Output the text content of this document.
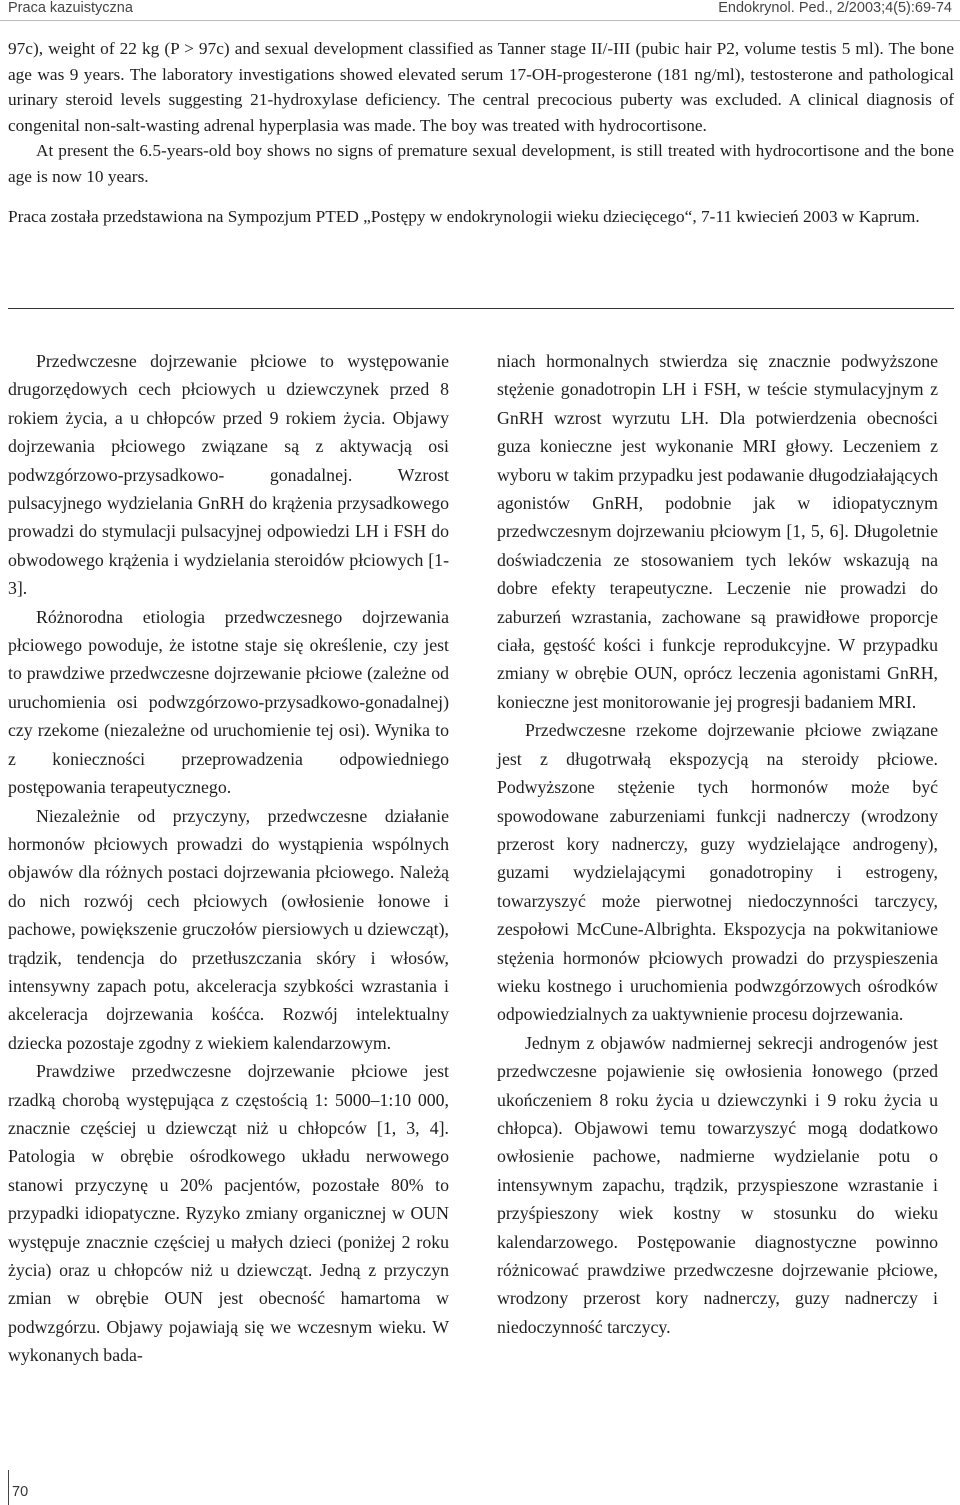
Praca kazuistyczna	Endokrynol. Ped., 2/2003;4(5):69-74

97c), weight of 22 kg (P > 97c) and sexual development classified as Tanner stage II/-III (pubic hair P2, volume testis 5 ml). The bone age was 9 years. The laboratory investigations showed elevated serum 17-OH-progesterone (181 ng/ml), testosterone and pathological urinary steroid levels suggesting 21-hydroxylase deficiency. The central precocious puberty was excluded. A clinical diagnosis of congenital non-salt-wasting adrenal hyperplasia was made. The boy was treated with hydrocortisone.

At present the 6.5-years-old boy shows no signs of premature sexual development, is still treated with hydrocortisone and the bone age is now 10 years.

Praca została przedstawiona na Sympozjum PTED „Postępy w endokrynologii wieku dziecięcego“, 7-11 kwiecień 2003 w Kaprum.

Przedwczesne dojrzewanie płciowe to występowanie drugorzędowych cech płciowych u dziewczynek przed 8 rokiem życia, a u chłopców przed 9 rokiem życia. Objawy dojrzewania płciowego związane są z aktywacją osi podwzgórzowo-przysadkowo- gonadalnej. Wzrost pulsacyjnego wydzielania GnRH do krążenia przysadkowego prowadzi do stymulacji pulsacyjnej odpowiedzi LH i FSH do obwodowego krążenia i wydzielania sterоidów płciowych [1-3].

Różnorodna etiologia przedwczesnego dojrzewania płciowego powoduje, że istotne staje się określenie, czy jest to prawdziwe przedwczesne dojrzewanie płciowe (zależne od uruchomienia osi podwzgórzowo-przysadkowo-gonadalnej) czy rzekome (niezależne od uruchomienie tej osi). Wynika to z konieczności przeprowadzenia odpowiedniego postępowania terapeutycznego.

Niezależnie od przyczyny, przedwczesne działanie hormonów płciowych prowadzi do wystąpienia wspólnych objawów dla różnych postaci dojrzewania płciowego. Należą do nich rozwój cech płciowych (owłosienie łonowe i pachowe, powiększenie gruczołów piersiowych u dziewcząt), trądzik, tendencja do przetłuszczania skóry i włosów, intensywny zapach potu, akceleracja szybkości wzrastania i akceleracja dojrzewania kośćca. Rozwój intelektualny dziecka pozostaje zgodny z wiekiem kalendarzowym.

Prawdziwe przedwczesne dojrzewanie płciowe jest rzadką chorobą występująca z częstością 1: 5000–1:10 000, znacznie częściej u dziewcząt niż u chłopców [1, 3, 4]. Patologia w obrębie ośrodkowego układu nerwowego stanowi przyczynę u 20% pacjentów, pozostałe 80% to przypadki idiopatyczne. Ryzyko zmiany organicznej w OUN występuje znacznie częściej u małych dzieci (poniżej 2 roku życia) oraz u chłopców niż u dziewcząt. Jedną z przyczyn zmian w obrębie OUN jest obecność hamartoma w podwzgórzu. Objawy pojawiają się we wczesnym wieku. W wykonanych bada-

niach hormonalnych stwierdza się znacznie podwyższone stężenie gonadotropin LH i FSH, w teście stymulacyjnym z GnRH wzrost wyrzutu LH. Dla potwierdzenia obecności guza konieczne jest wykonanie MRI głowy. Leczeniem z wyboru w takim przypadku jest podawanie długodziałających agonistów GnRH, podobnie jak w idiopatycznym przedwczesnym dojrzewaniu płciowym [1, 5, 6]. Długoletnie doświadczenia ze stosowaniem tych leków wskazują na dobre efekty terapeutyczne. Leczenie nie prowadzi do zaburzeń wzrastania, zachowane są prawidłowe proporcje ciała, gęstość kości i funkcje reprodukcyjne. W przypadku zmiany w obrębie OUN, oprócz leczenia agonistami GnRH, konieczne jest monitorowanie jej progresji badaniem MRI.

Przedwczesne rzekome dojrzewanie płciowe związane jest z długotrwałą ekspozycją na sterоidy płciowe. Podwyższone stężenie tych hormonów może być spowodowane zaburzeniami funkcji nadnerczy (wrodzony przerost kory nadnerczy, guzy wydzielające androgeny), guzami wydzielającymi gonadotropiny i estrogeny, towarzyszyć może pierwotnej niedoczynności tarczycy, zespołowi McCune-Albrighta. Ekspozycja na pokwitaniowe stężenia hormonów płciowych prowadzi do przyspieszenia wieku kostnego i uruchomienia podwzgórzowych ośrodków odpowiedzialnych za uaktywnienie procesu dojrzewania.

Jednym z objawów nadmiernej sekrecji androgenów jest przedwczesne pojawienie się owłosienia łonowego (przed ukończeniem 8 roku życia u dziewczynki i 9 roku życia u chłopca). Objawowi temu towarzyszyć mogą dodatkowo owłosienie pachowe, nadmierne wydzielanie potu o intensywnym zapachu, trądzik, przyspieszone wzrastanie i przyśpieszony wiek kostny w stosunku do wieku kalendarzowego. Postępowanie diagnostyczne powinno różnicować prawdziwe przedwczesne dojrzewanie płciowe, wrodzony przerost kory nadnerczy, guzy nadnerczy i niedoczynność tarczycy.

70
